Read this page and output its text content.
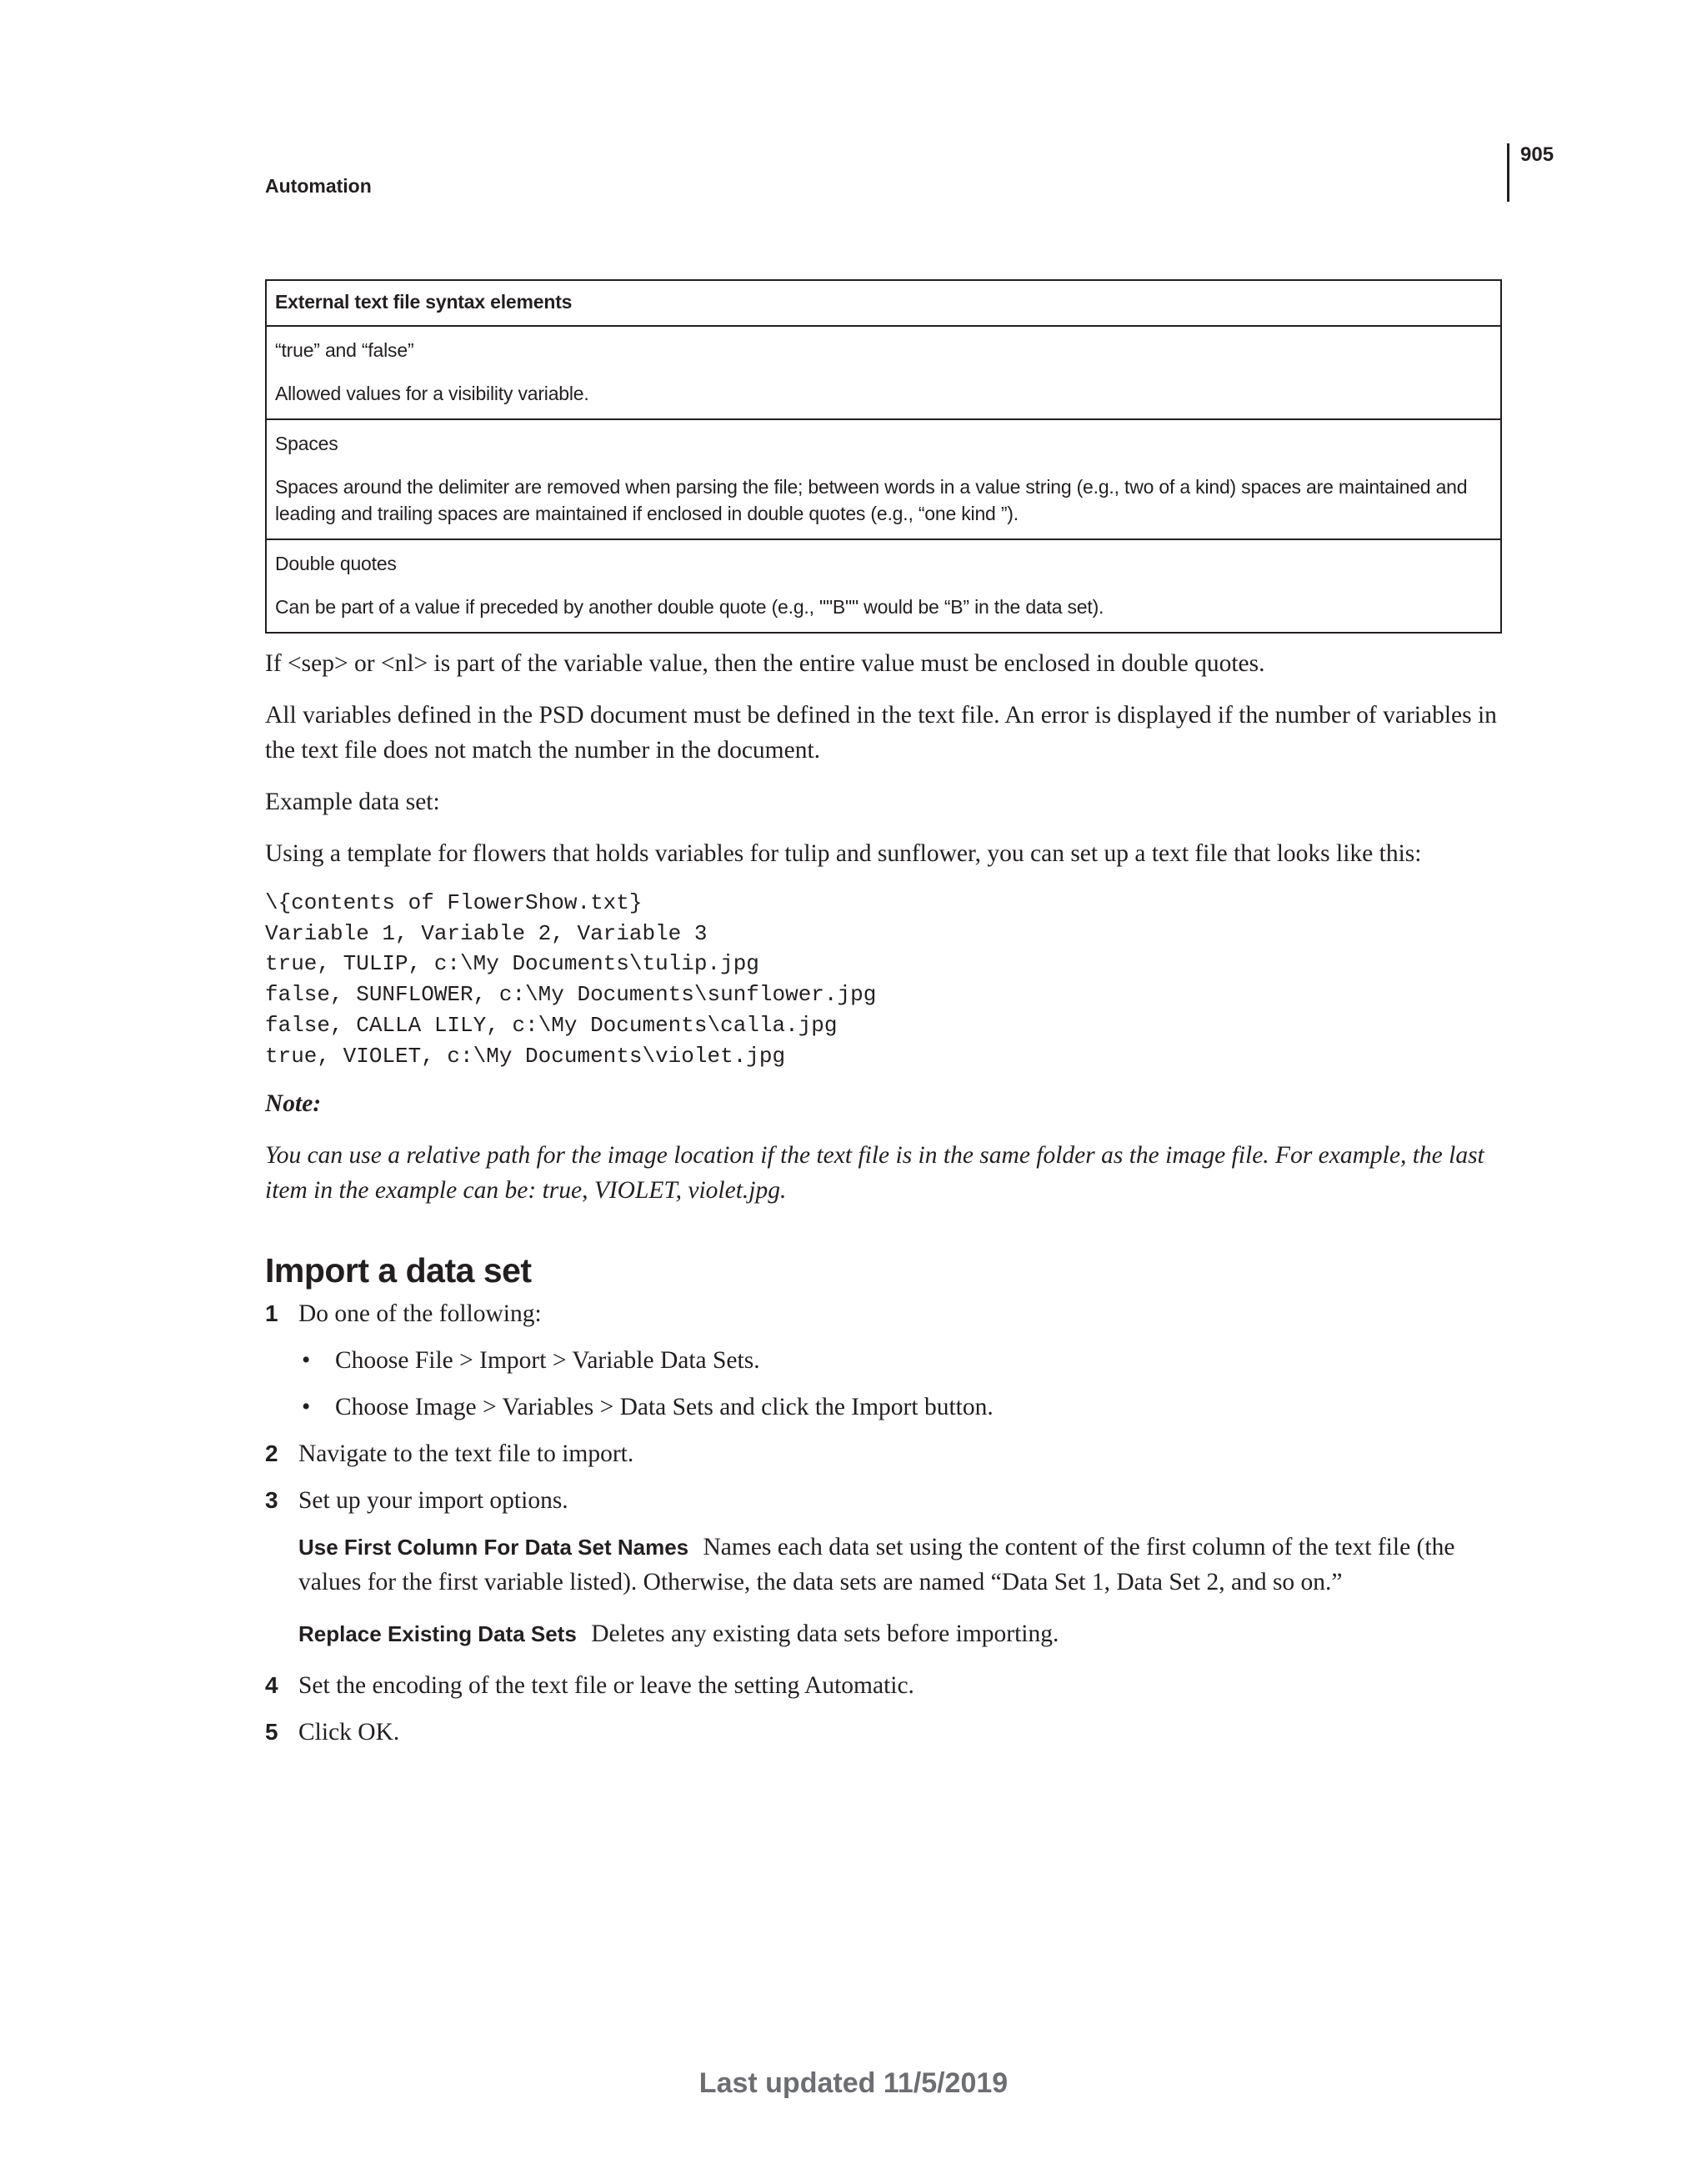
905
Automation
External text file syntax elements

“true” and “false”

Allowed values for a visibility variable.

Spaces

Spaces around the delimiter are removed when parsing the file; between words in a value string (e.g., two of a kind) spaces are maintained and leading and trailing spaces are maintained if enclosed in double quotes (e.g., “one kind ”).

Double quotes

Can be part of a value if preceded by another double quote (e.g., ""B"" would be “B” in the data set).

If <sep> or <nl> is part of the variable value, then the entire value must be enclosed in double quotes.

All variables defined in the PSD document must be defined in the text file. An error is displayed if the number of variables in the text file does not match the number in the document.

Example data set:

Using a template for flowers that holds variables for tulip and sunflower, you can set up a text file that looks like this:

\{contents of FlowerShow.txt}
Variable 1, Variable 2, Variable 3
true, TULIP, c:\My Documents\tulip.jpg
false, SUNFLOWER, c:\My Documents\sunflower.jpg
false, CALLA LILY, c:\My Documents\calla.jpg
true, VIOLET, c:\My Documents\violet.jpg

Note:

You can use a relative path for the image location if the text file is in the same folder as the image file. For example, the last item in the example can be: true, VIOLET, violet.jpg.

Import a data set
1 Do one of the following:
•	Choose File > Import > Variable Data Sets.
•	Choose Image > Variables > Data Sets and click the Import button.
2 Navigate to the text file to import.
3 Set up your import options.
Use First Column For Data Set Names Names each data set using the content of the first column of the text file (the values for the first variable listed). Otherwise, the data sets are named “Data Set 1, Data Set 2, and so on.”
Replace Existing Data Sets Deletes any existing data sets before importing.
4 Set the encoding of the text file or leave the setting Automatic.
5 Click OK.
Last updated 11/5/2019
